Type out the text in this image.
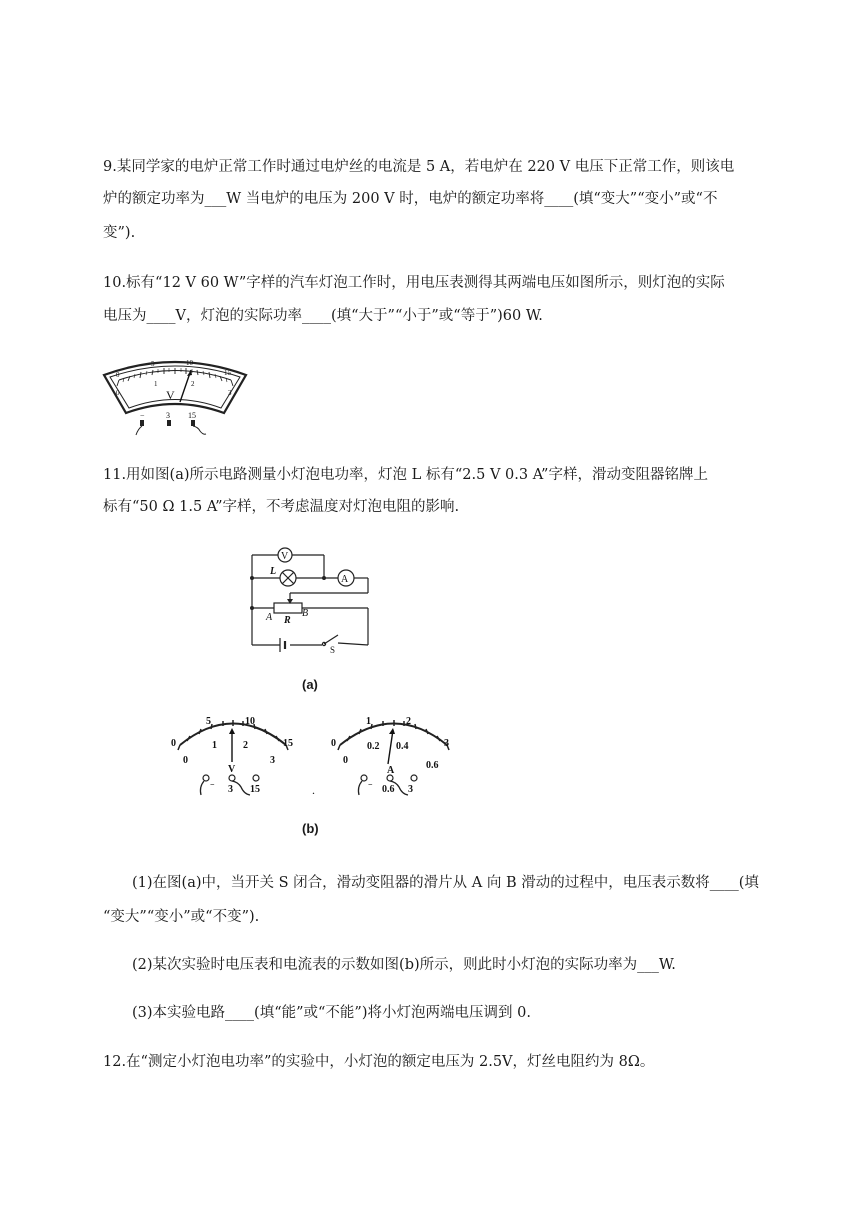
9.某同学家的电炉正常工作时通过电炉丝的电流是 5 A，若电炉在 220 V 电压下正常工作，则该电

炉的额定功率为___W 当电炉的电压为 200 V 时，电炉的额定功率将____(填“变大”“变小”或“不

变”).

10.标有“12 V 60 W”字样的汽车灯泡工作时，用电压表测得其两端电压如图所示，则灯泡的实际

电压为____V，灯泡的实际功率____(填“大于”“小于”或“等于”)60 W.

0
5	10
15
0
1	2
3
V
−	3 15

11.用如图(a)所示电路测量小灯泡电功率，灯泡 L 标有“2.5 V 0.3 A”字样，滑动变阻器铭牌上

标有“50 Ω 1.5 A”字样，不考虑温度对灯泡电阻的影响.

V
A
L
R
A	B
S
(a)
0
5	10
15
0
1	2
3
V
− 3 15	.
0
1	2
3
0
0.2 0.4
0.6
A
− 0.6 3
(b)

(1)在图(a)中，当开关 S 闭合，滑动变阻器的滑片从 A 向 B 滑动的过程中，电压表示数将____(填

“变大”“变小”或“不变”).

(2)某次实验时电压表和电流表的示数如图(b)所示，则此时小灯泡的实际功率为___W.

(3)本实验电路____(填“能”或“不能”)将小灯泡两端电压调到 0.

12.在“测定小灯泡电功率”的实验中，小灯泡的额定电压为 2.5V，灯丝电阻约为 8Ω。
